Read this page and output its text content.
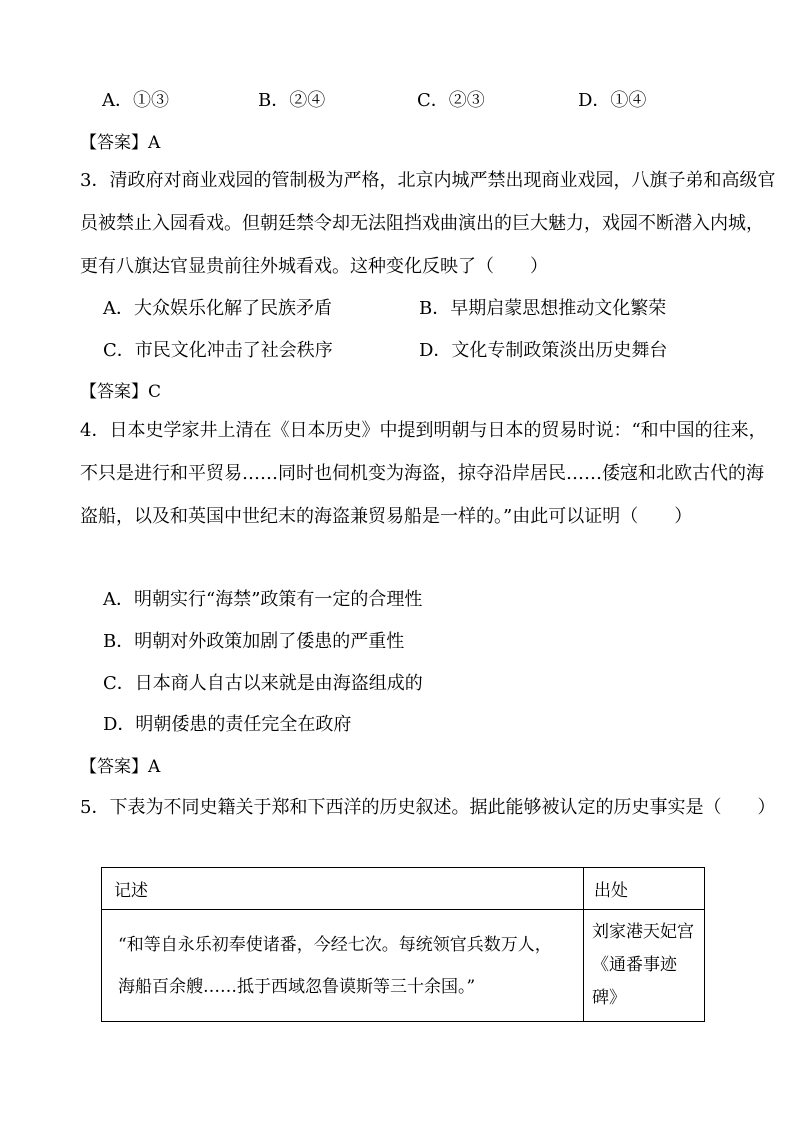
A．①③	B．②④	C．②③	D．①④
【答案】A
3．清政府对商业戏园的管制极为严格，北京内城严禁出现商业戏园，八旗子弟和高级官员被禁止入园看戏。但朝廷禁令却无法阻挡戏曲演出的巨大魅力，戏园不断潜入内城，更有八旗达官显贵前往外城看戏。这种变化反映了（　　）
A．大众娱乐化解了民族矛盾	B．早期启蒙思想推动文化繁荣
C．市民文化冲击了社会秩序	D．文化专制政策淡出历史舞台
【答案】C
4．日本史学家井上清在《日本历史》中提到明朝与日本的贸易时说：“和中国的往来，不只是进行和平贸易……同时也伺机变为海盗，掠夺沿岸居民……倭寇和北欧古代的海盗船，以及和英国中世纪末的海盗兼贸易船是一样的。”由此可以证明（　　）
A．明朝实行“海禁”政策有一定的合理性
B．明朝对外政策加剧了倭患的严重性
C．日本商人自古以来就是由海盗组成的
D．明朝倭患的责任完全在政府
【答案】A
5．下表为不同史籍关于郑和下西洋的历史叙述。据此能够被认定的历史事实是（　　）
记述	出处
“和等自永乐初奉使诸番，今经七次。每统领官兵数万人，海船百余艘……抵于西域忽鲁谟斯等三十余国。”	刘家港天妃宫《通番事迹碑》
